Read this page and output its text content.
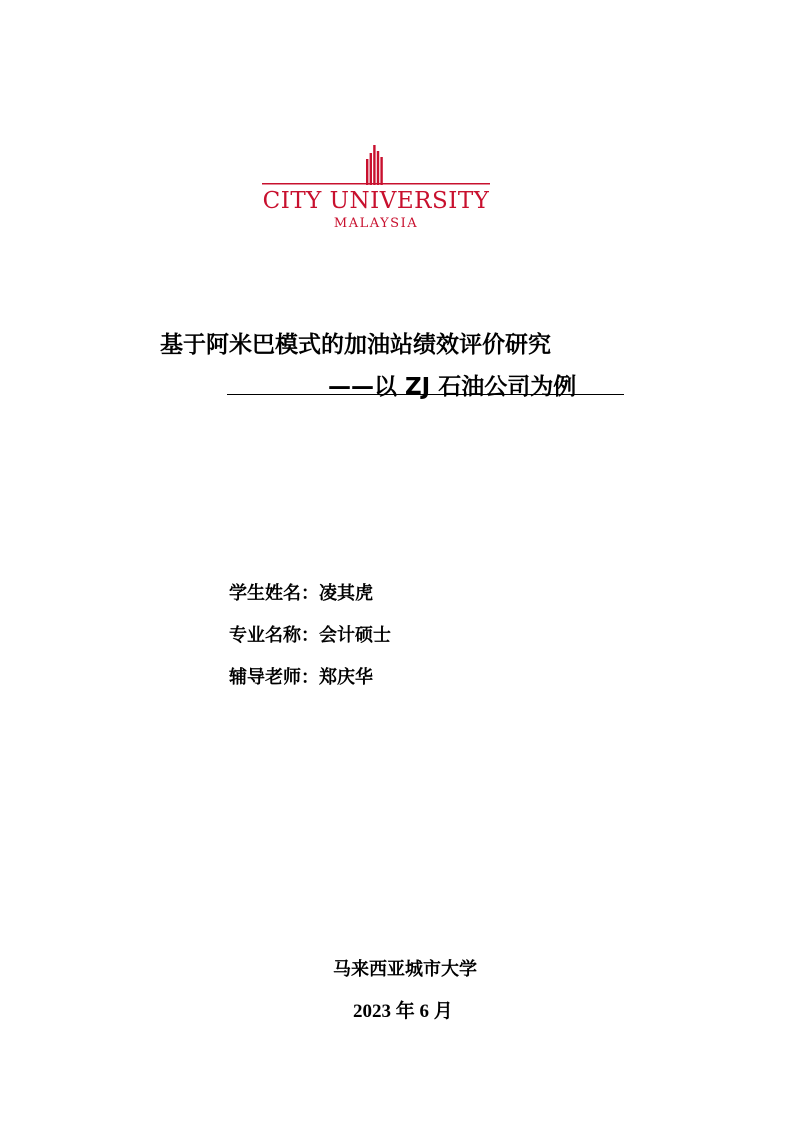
CITY UNIVERSITY
MALAYSIA
基于阿米巴模式的加油站绩效评价研究
——以 ZJ 石油公司为例
学生姓名：凌其虎
专业名称：会计硕士
辅导老师：郑庆华
马来西亚城市大学
2023 年 6 月
